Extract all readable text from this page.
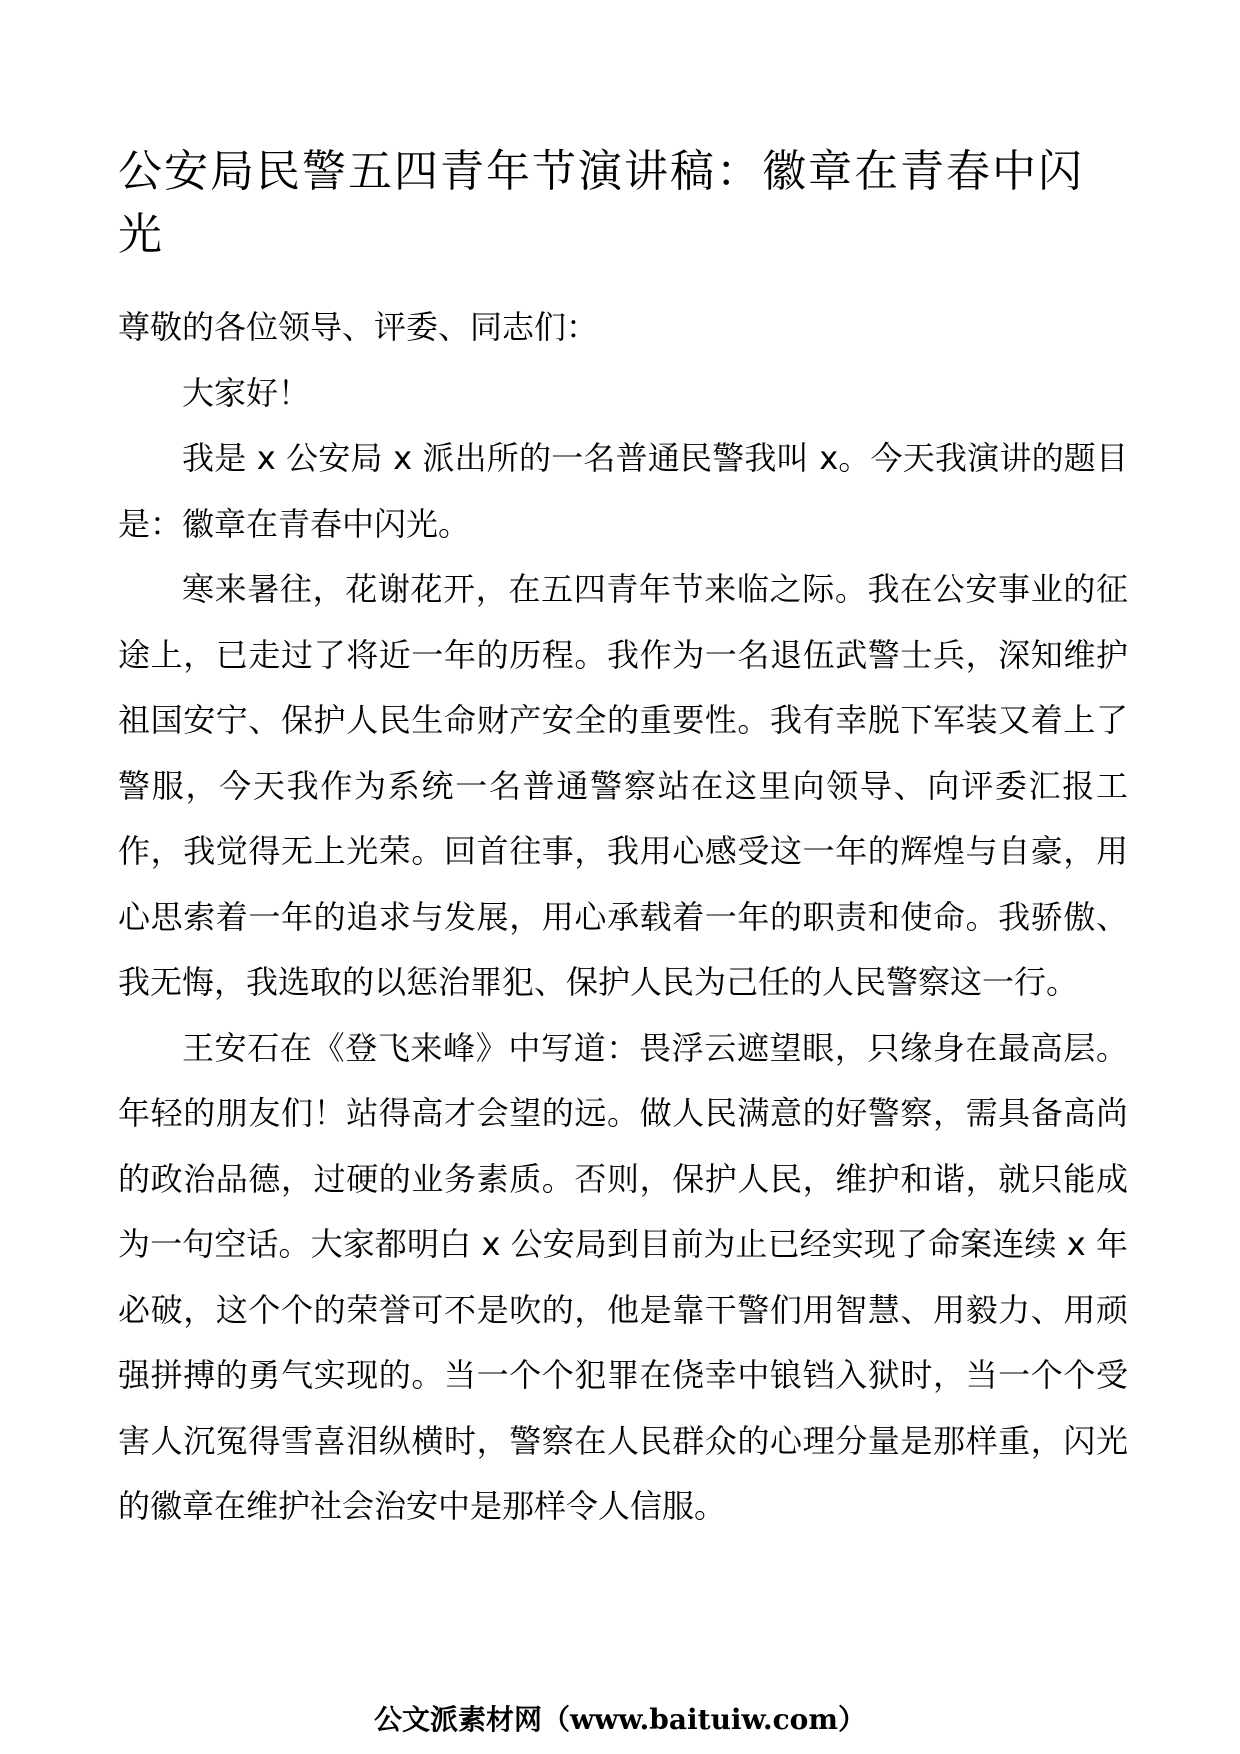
公安局民警五四青年节演讲稿：徽章在青春中闪光

尊敬的各位领导、评委、同志们：

大家好！

我是 x 公安局 x 派出所的一名普通民警我叫 x。今天我演讲的题目是：徽章在青春中闪光。

寒来暑往，花谢花开，在五四青年节来临之际。我在公安事业的征途上，已走过了将近一年的历程。我作为一名退伍武警士兵，深知维护祖国安宁、保护人民生命财产安全的重要性。我有幸脱下军装又着上了警服，今天我作为系统一名普通警察站在这里向领导、向评委汇报工作，我觉得无上光荣。回首往事，我用心感受这一年的辉煌与自豪，用心思索着一年的追求与发展，用心承载着一年的职责和使命。我骄傲、我无悔，我选取的以惩治罪犯、保护人民为己任的人民警察这一行。

王安石在《登飞来峰》中写道：畏浮云遮望眼，只缘身在最高层。年轻的朋友们！站得高才会望的远。做人民满意的好警察，需具备高尚的政治品德，过硬的业务素质。否则，保护人民，维护和谐，就只能成为一句空话。大家都明白 x 公安局到目前为止已经实现了命案连续 x 年必破，这个个的荣誉可不是吹的，他是靠干警们用智慧、用毅力、用顽强拼搏的勇气实现的。当一个个犯罪在侥幸中锒铛入狱时，当一个个受害人沉冤得雪喜泪纵横时，警察在人民群众的心理分量是那样重，闪光的徽章在维护社会治安中是那样令人信服。

公文派素材网（www.baituiw.com）
